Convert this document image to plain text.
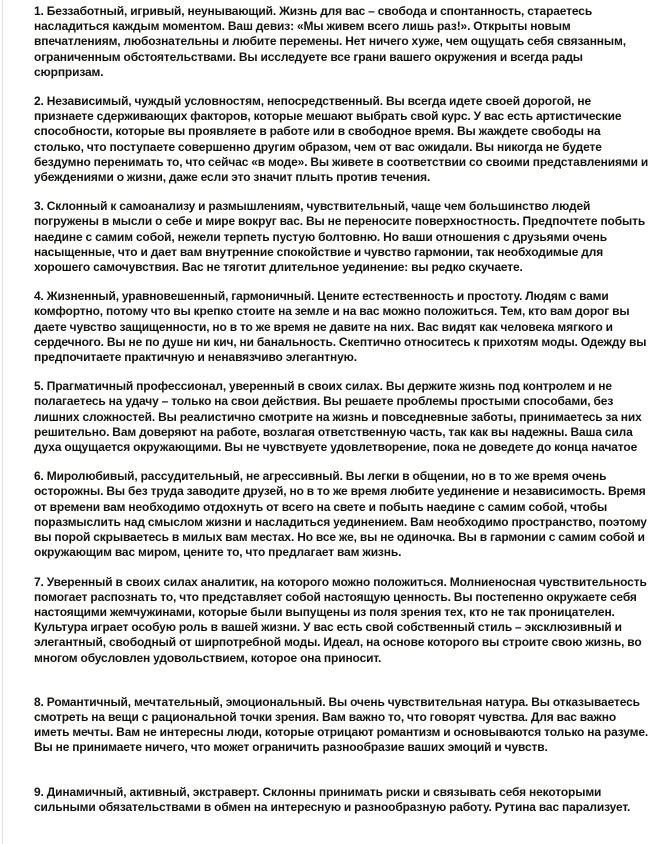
1. Беззаботный, игривый, неунывающий. Жизнь для вас – свобода и спонтанность, стараетесь насладиться каждым моментом. Ваш девиз: «Мы живем всего лишь раз!». Открыты новым впечатлениям, любознательны и любите перемены. Нет ничего хуже, чем ощущать себя связанным, ограниченным обстоятельствами. Вы исследуете все грани вашего окружения и всегда рады сюрпризам.

2. Независимый, чуждый условностям, непосредственный. Вы всегда идете своей дорогой, не признаете сдерживающих факторов, которые мешают выбрать свой курс. У вас есть артистические способности, которые вы проявляете в работе или в свободное время. Вы жаждете свободы на столько, что поступаете совершенно другим образом, чем от вас ожидали. Вы никогда не будете бездумно перенимать то, что сейчас «в моде». Вы живете в соответствии со своими представлениями и убеждениями о жизни, даже если это значит плыть против течения.

3. Склонный к самоанализу и размышлениям, чувствительный, чаще чем большинство людей погружены в мысли о себе и мире вокруг вас. Вы не переносите поверхностность. Предпочтете побыть наедине с самим собой, нежели терпеть пустую болтовню. Но ваши отношения с друзьями очень насыщенные, что и дает вам внутренние спокойствие и чувство гармонии, так необходимые для хорошего самочувствия. Вас не тяготит длительное уединение: вы редко скучаете.

4. Жизненный, уравновешенный, гармоничный. Цените естественность и простоту. Людям с вами комфортно, потому что вы крепко стоите на земле и на вас можно положиться. Тем, кто вам дорог вы даете чувство защищенности, но в то же время не давите на них. Вас видят как человека мягкого и сердечного. Вы не по душе ни кич, ни банальность. Скептично относитесь к прихотям моды. Одежду вы предпочитаете практичную и ненавязчиво элегантную.

5. Прагматичный профессионал, уверенный в своих силах. Вы держите жизнь под контролем и не полагаетесь на удачу – только на свои действия. Вы решаете проблемы простыми способами, без лишних сложностей. Вы реалистично смотрите на жизнь и повседневные заботы, принимаетесь за них решительно. Вам доверяют на работе, возлагая ответственную часть, так как вы надежны. Ваша сила духа ощущается окружающими. Вы не чувствуете удовлетворение, пока не доведете до конца начатое

6. Миролюбивый, рассудительный, не агрессивный. Вы легки в общении, но в то же время очень осторожны. Вы без труда заводите друзей, но в то же время любите уединение и независимость. Время от времени вам необходимо отдохнуть от всего на свете и побыть наедине с самим собой, чтобы поразмыслить над смыслом жизни и насладиться уединением. Вам необходимо пространство, поэтому вы порой скрываетесь в милых вам местах. Но все же, вы не одиночка. Вы в гармонии с самим собой и окружающим вас миром, цените то, что предлагает вам жизнь.

7. Уверенный в своих силах аналитик, на которого можно положиться. Молниеносная чувствительность помогает распознать то, что представляет собой настоящую ценность. Вы постепенно окружаете себя настоящими жемчужинами, которые были выпущены из поля зрения тех, кто не так проницателен. Культура играет особую роль в вашей жизни. У вас есть свой собственный стиль – эксклюзивный и элегантный, свободный от ширпотребной моды. Идеал, на основе которого вы строите свою жизнь, во многом обусловлен удовольствием, которое она приносит.

8. Романтичный, мечтательный, эмоциональный. Вы очень чувствительная натура. Вы отказываетесь смотреть на вещи с рациональной точки зрения. Вам важно то, что говорят чувства. Для вас важно иметь мечты. Вам не интересны люди, которые отрицают романтизм и основываются только на разуме. Вы не принимаете ничего, что может ограничить разнообразие ваших эмоций и чувств.

9. Динамичный, активный, экстраверт. Склонны принимать риски и связывать себя некоторыми сильными обязательствами в обмен на интересную и разнообразную работу. Рутина вас парализует.
